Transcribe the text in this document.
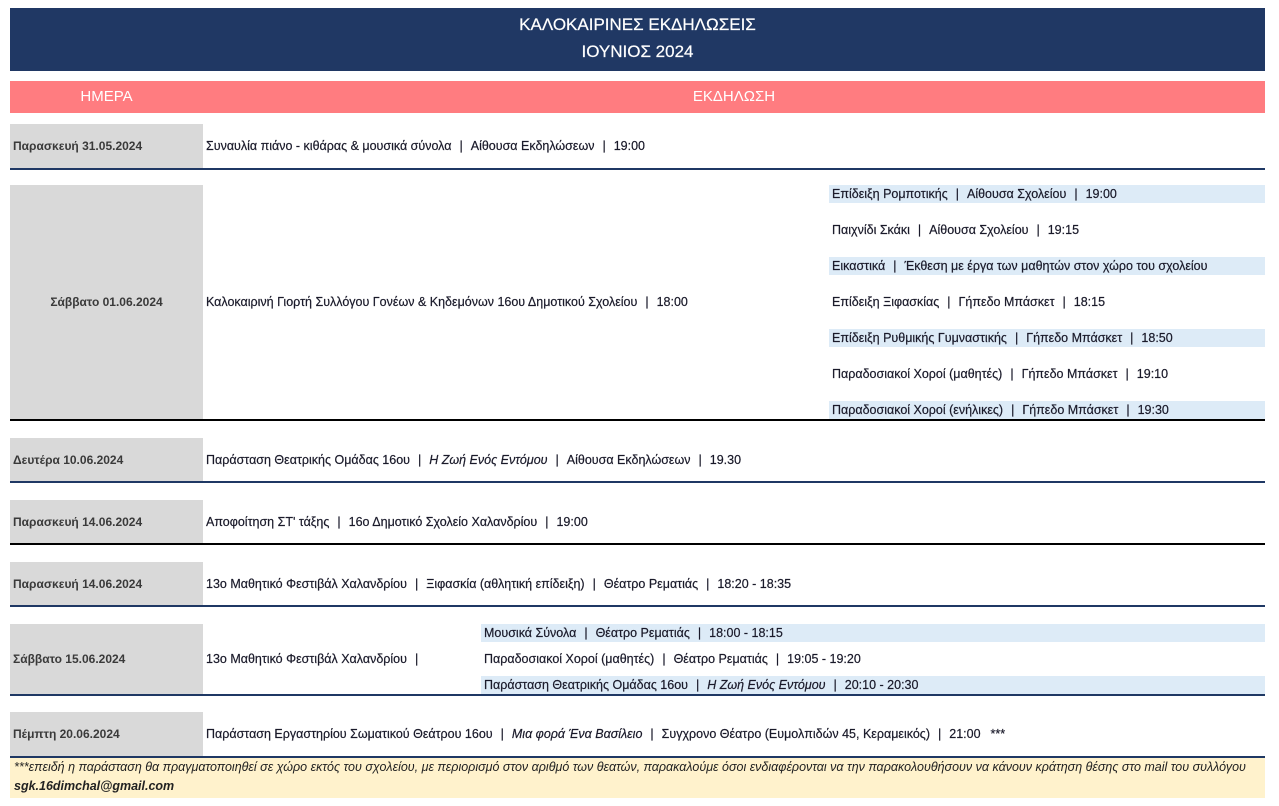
ΚΑΛΟΚΑΙΡΙΝΕΣ ΕΚΔΗΛΩΣΕΙΣ
ΙΟΥΝΙΟΣ 2024
ΗΜΕΡΑ	ΕΚΔΗΛΩΣΗ
Παρασκευή 31.05.2024	Συναυλία πιάνο - κιθάρας & μουσικά σύνολα | Αίθουσα Εκδηλώσεων | 19:00
Σάββατο 01.06.2024	Καλοκαιρινή Γιορτή Συλλόγου Γονέων & Κηδεμόνων 16ου Δημοτικού Σχολείου | 18:00
Επίδειξη Ρομποτικής | Αίθουσα Σχολείου | 19:00
Παιχνίδι Σκάκι | Αίθουσα Σχολείου | 19:15
Εικαστικά | Έκθεση με έργα των μαθητών στον χώρο του σχολείου
Επίδειξη Ξιφασκίας | Γήπεδο Μπάσκετ | 18:15
Επίδειξη Ρυθμικής Γυμναστικής | Γήπεδο Μπάσκετ | 18:50
Παραδοσιακοί Χοροί (μαθητές) | Γήπεδο Μπάσκετ | 19:10
Παραδοσιακοί Χοροί (ενήλικες) | Γήπεδο Μπάσκετ | 19:30
Δευτέρα 10.06.2024	Παράσταση Θεατρικής Ομάδας 16ου | Η Ζωή Ενός Εντόμου | Αίθουσα Εκδηλώσεων | 19.30
Παρασκευή 14.06.2024	Αποφοίτηση ΣΤ' τάξης | 16ο Δημοτικό Σχολείο Χαλανδρίου | 19:00
Παρασκευή 14.06.2024	13ο Μαθητικό Φεστιβάλ Χαλανδρίου | Ξιφασκία (αθλητική επίδειξη) | Θέατρο Ρεματιάς | 18:20 - 18:35
Σάββατο 15.06.2024	13ο Μαθητικό Φεστιβάλ Χαλανδρίου |
Μουσικά Σύνολα | Θέατρο Ρεματιάς | 18:00 - 18:15
Παραδοσιακοί Χοροί (μαθητές) | Θέατρο Ρεματιάς | 19:05 - 19:20
Παράσταση Θεατρικής Ομάδας 16ου | Η Ζωή Ενός Εντόμου | 20:10 - 20:30
Πέμπτη 20.06.2024	Παράσταση Εργαστηρίου Σωματικού Θεάτρου 16ου | Μια φορά Ένα Βασίλειο | Συγχρονο Θέατρο (Ευμολπιδών 45, Κεραμεικός) | 21:00 ***
***επειδή η παράσταση θα πραγματοποιηθεί σε χώρο εκτός του σχολείου, με περιορισμό στον αριθμό των θεατών, παρακαλούμε όσοι ενδιαφέρονται να την παρακολουθήσουν να κάνουν κράτηση θέσης στο mail του συλλόγου sgk.16dimchal@gmail.com
